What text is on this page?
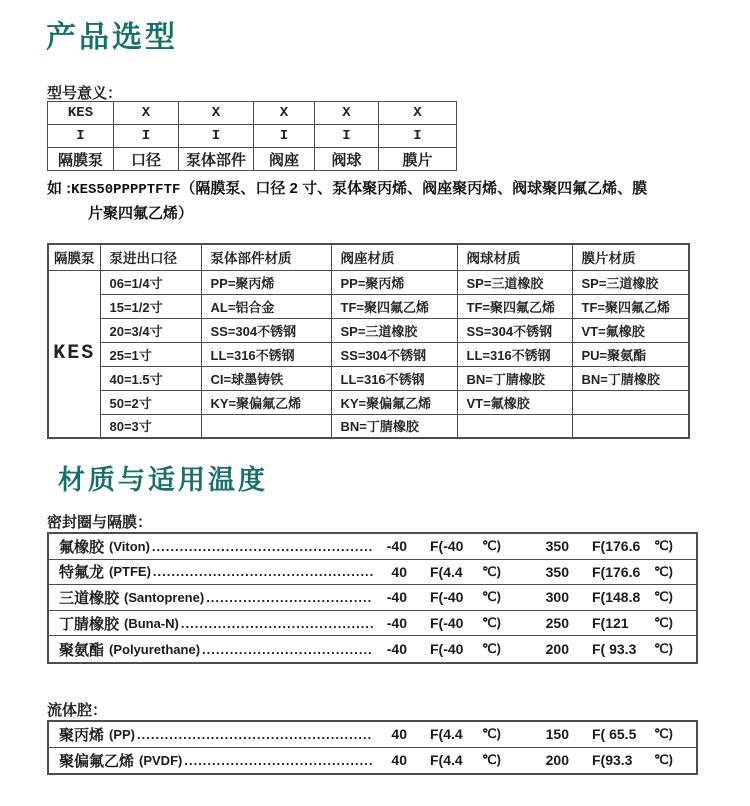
产品选型
型号意义：
KES	X	X	X	X	X
I	I	I	I	I	I
隔膜泵	口径	泵体部件	阀座	阀球	膜片
如 :KES50PPPPTFTF（隔膜泵、口径 2 寸、泵体聚丙烯、阀座聚丙烯、阀球聚四氟乙烯、膜
片聚四氟乙烯）
隔膜泵	泵进出口径	泵体部件材质	阀座材质	阀球材质	膜片材质
KES	06=1/4寸	PP=聚丙烯	PP=聚丙烯	SP=三道橡胶	SP=三道橡胶
	15=1/2寸	AL=铝合金	TF=聚四氟乙烯	TF=聚四氟乙烯	TF=聚四氟乙烯
	20=3/4寸	SS=304不锈钢	SP=三道橡胶	SS=304不锈钢	VT=氟橡胶
	25=1寸	LL=316不锈钢	SS=304不锈钢	LL=316不锈钢	PU=聚氨酯
	40=1.5寸	CI=球墨铸铁	LL=316不锈钢	BN=丁腈橡胶	BN=丁腈橡胶
	50=2寸	KY=聚偏氟乙烯	KY=聚偏氟乙烯	VT=氟橡胶	
	80=3寸		BN=丁腈橡胶		
材质与适用温度
密封圈与隔膜：
氟橡胶 (Viton) .....	-40 F(-40	℃)	350 F(176.6	℃)
特氟龙 (PTFE) .....	40 F(4.4	℃)	350 F(176.6	℃)
三道橡胶 (Santoprene) .....	-40 F(-40	℃)	300 F(148.8	℃)
丁腈橡胶 (Buna-N) .....	-40 F(-40	℃)	250 F(121	℃)
聚氨酯 (Polyurethane) .....	-40 F(-40	℃)	200 F( 93.3	℃)
流体腔：
聚丙烯 (PP) .....	40 F(4.4	℃)	150 F( 65.5	℃)
聚偏氟乙烯 (PVDF) .....	40 F(4.4	℃)	200 F(93.3	℃)
